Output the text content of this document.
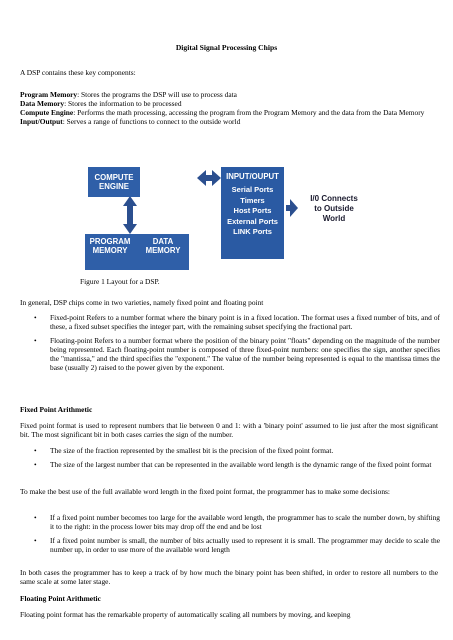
Digital Signal Processing Chips
A DSP contains these key components:
Program Memory: Stores the programs the DSP will use to process data
Data Memory: Stores the information to be processed
Compute Engine: Performs the math processing, accessing the program from the Program Memory and the data from the Data Memory
Input/Output: Serves a range of functions to connect to the outside world
COMPUTE
ENGINE
PROGRAM
MEMORY
DATA
MEMORY
INPUT/OUPUT
Serial Ports
Timers
Host Ports
External Ports
LINK Ports
I/0 Connects
to Outside
World
Figure 1 Layout for a DSP.
In general, DSP chips come in two varieties, namely fixed point and floating point
• Fixed-point Refers to a number format where the binary point is in a fixed location. The format uses a fixed number of bits, and of these, a fixed subset specifies the integer part, with the remaining subset specifying the fractional part.
• Floating-point Refers to a number format where the position of the binary point "floats" depending on the magnitude of the number being represented. Each floating-point number is composed of three fixed-point numbers: one specifies the sign, another specifies the "mantissa," and the third specifies the "exponent." The value of the number being represented is equal to the mantissa times the base (usually 2) raised to the power given by the exponent.
Fixed Point Arithmetic
Fixed point format is used to represent numbers that lie between 0 and 1: with a 'binary point' assumed to lie just after the most significant bit. The most significant bit in both cases carries the sign of the number.
• The size of the fraction represented by the smallest bit is the precision of the fixed point format.
• The size of the largest number that can be represented in the available word length is the dynamic range of the fixed point format
To make the best use of the full available word length in the fixed point format, the programmer has to make some decisions:
• If a fixed point number becomes too large for the available word length, the programmer has to scale the number down, by shifting it to the right: in the process lower bits may drop off the end and be lost
• If a fixed point number is small, the number of bits actually used to represent it is small. The programmer may decide to scale the number up, in order to use more of the available word length
In both cases the programmer has to keep a track of by how much the binary point has been shifted, in order to restore all numbers to the same scale at some later stage.
Floating Point Arithmetic
Floating point format has the remarkable property of automatically scaling all numbers by moving, and keeping
